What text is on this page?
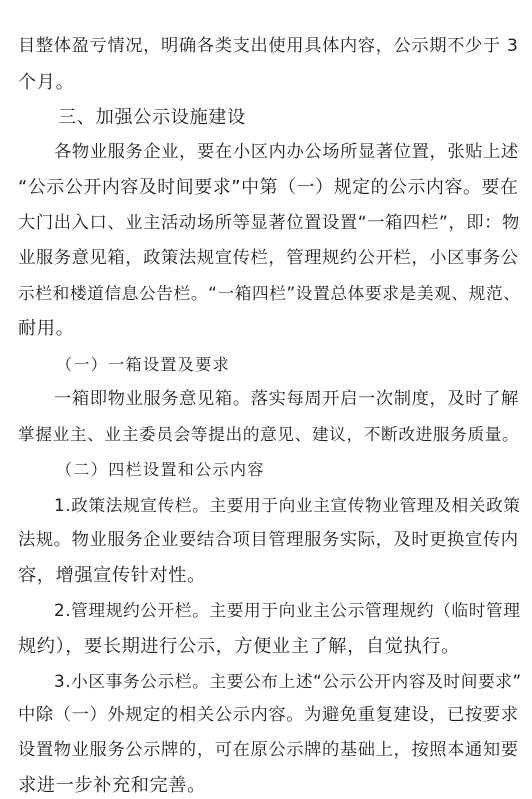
目整体盈亏情况，明确各类支出使用具体内容，公示期不少于 3
个月。
三、加强公示设施建设
各物业服务企业，要在小区内办公场所显著位置，张贴上述
“公示公开内容及时间要求”中第（一）规定的公示内容。要在
大门出入口、业主活动场所等显著位置设置“一箱四栏”，即：物
业服务意见箱，政策法规宣传栏，管理规约公开栏，小区事务公
示栏和楼道信息公告栏。“一箱四栏”设置总体要求是美观、规范、
耐用。
（一）一箱设置及要求
一箱即物业服务意见箱。落实每周开启一次制度，及时了解
掌握业主、业主委员会等提出的意见、建议，不断改进服务质量。
（二）四栏设置和公示内容
1.政策法规宣传栏。主要用于向业主宣传物业管理及相关政策
法规。物业服务企业要结合项目管理服务实际，及时更换宣传内
容，增强宣传针对性。
2.管理规约公开栏。主要用于向业主公示管理规约（临时管理
规约），要长期进行公示，方便业主了解，自觉执行。
3.小区事务公示栏。主要公布上述“公示公开内容及时间要求”
中除（一）外规定的相关公示内容。为避免重复建设，已按要求
设置物业服务公示牌的，可在原公示牌的基础上，按照本通知要
求进一步补充和完善。
